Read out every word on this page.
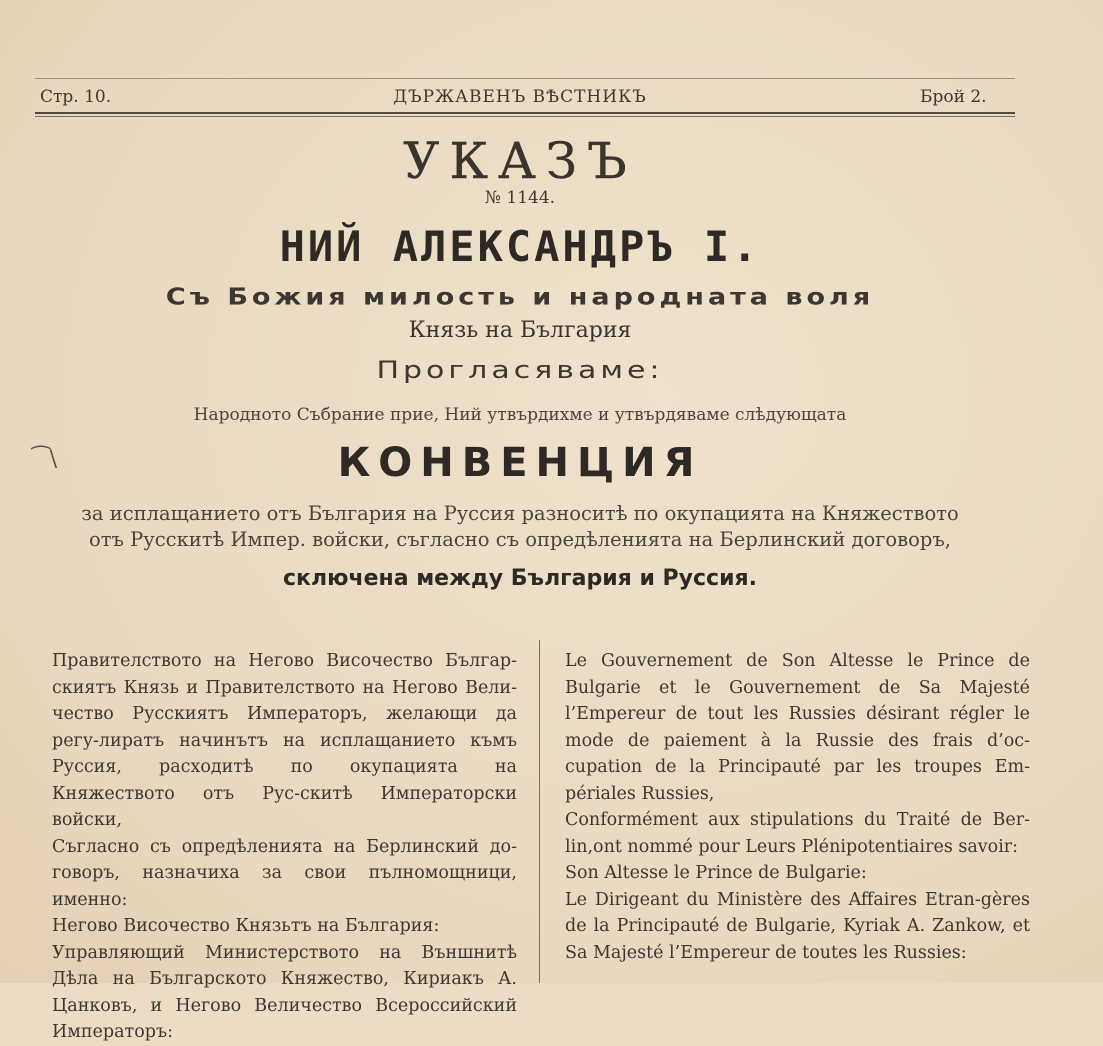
Стр. 10.	ДЪРЖАВЕНЪ ВѢСТНИКЪ	Брой 2.
УКАЗЪ
№ 1144.
НИЙ АЛЕКСАНДРЪ I.
Съ Божия милость и народната воля
Князь на България
Прогласяваме:
Народното Събрание прие, Ний утвърдихме и утвърдяваме слѣдующата
⁀\	КОНВЕНЦИЯ
за исплащанието отъ България на Руссия разноситѣ по окупацията на Княжеството
отъ Русскитѣ Импер. войски, съгласно съ опредѣленията на Берлинский договоръ,
сключена между България и Руссия.

Правителството на Негово Височество Българ-скиятъ Князь и Правителството на Негово Вели-чество Русскиятъ Императоръ, желающи да регу-лиратъ начинътъ на исплащанието къмъ Руссия, расходитѣ по окупацията на Княжеството отъ Рус-скитѣ Императорски войски,

Съгласно съ опредѣленията на Берлинский до-говоръ, назначиха за свои пълномощници, именно:

Негово Височество Князьтъ на България:

Управляющий Министерството на Външнитѣ Дѣла на Българското Княжество, Кириакъ А. Цанковъ, и Негово Величество Всероссийский Императоръ:

Le Gouvernement de Son Altesse le Prince de Bulgarie et le Gouvernement de Sa Majesté l’Empereur de tout les Russies désirant régler le mode de paiement à la Russie des frais d’oc-cupation de la Principauté par les troupes Em-périales Russies,

Conformément aux stipulations du Traité de Ber-lin,ont nommé pour Leurs Plénipotentiaires savoir:

Son Altesse le Prince de Bulgarie:

Le Dirigeant du Ministère des Affaires Etran-gères de la Principauté de Bulgarie, Kyriak A. Zankow, et Sa Majesté l’Empereur de toutes les Russies:
